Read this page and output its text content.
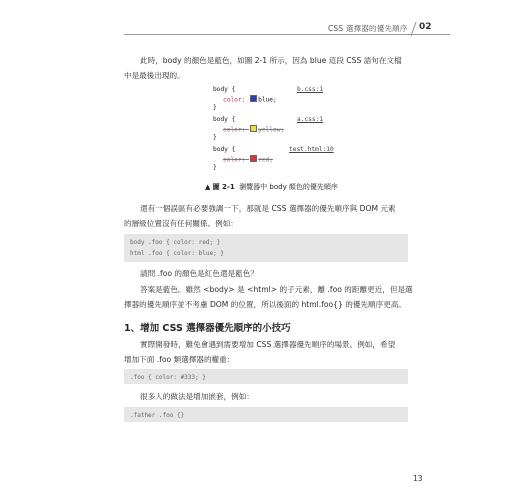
CSS 選擇器的優先順序 02
此時，body 的顏色是藍色，如圖 2-1 所示，因為 blue 這段 CSS 語句在文檔
中是最後出現的。
body {	b.css:1
color: blue;
}
body {	a.css:1
color: yellow;
}
body {	test.html:10
color: red;
}
▲ 圖 2-1 瀏覽器中 body 顏色的優先順序
還有一個誤區有必要強調一下，那就是 CSS 選擇器的優先順序與 DOM 元素
的層級位置沒有任何關係。例如：
body .foo { color: red; }
html .foo { color: blue; }
請問 .foo 的顏色是紅色還是藍色？
答案是藍色。雖然 <body> 是 <html> 的子元素，離 .foo 的距離更近，但是選
擇器的優先順序並不考慮 DOM 的位置，所以後面的 html.foo{} 的優先順序更高。
1、增加 CSS 選擇器優先順序的小技巧
實際開發時，難免會遇到需要增加 CSS 選擇器優先順序的場景。例如，希望
增加下面 .foo 類選擇器的權重：
.foo { color: #333; }
很多人的做法是增加嵌套，例如：
.father .foo {}
13
